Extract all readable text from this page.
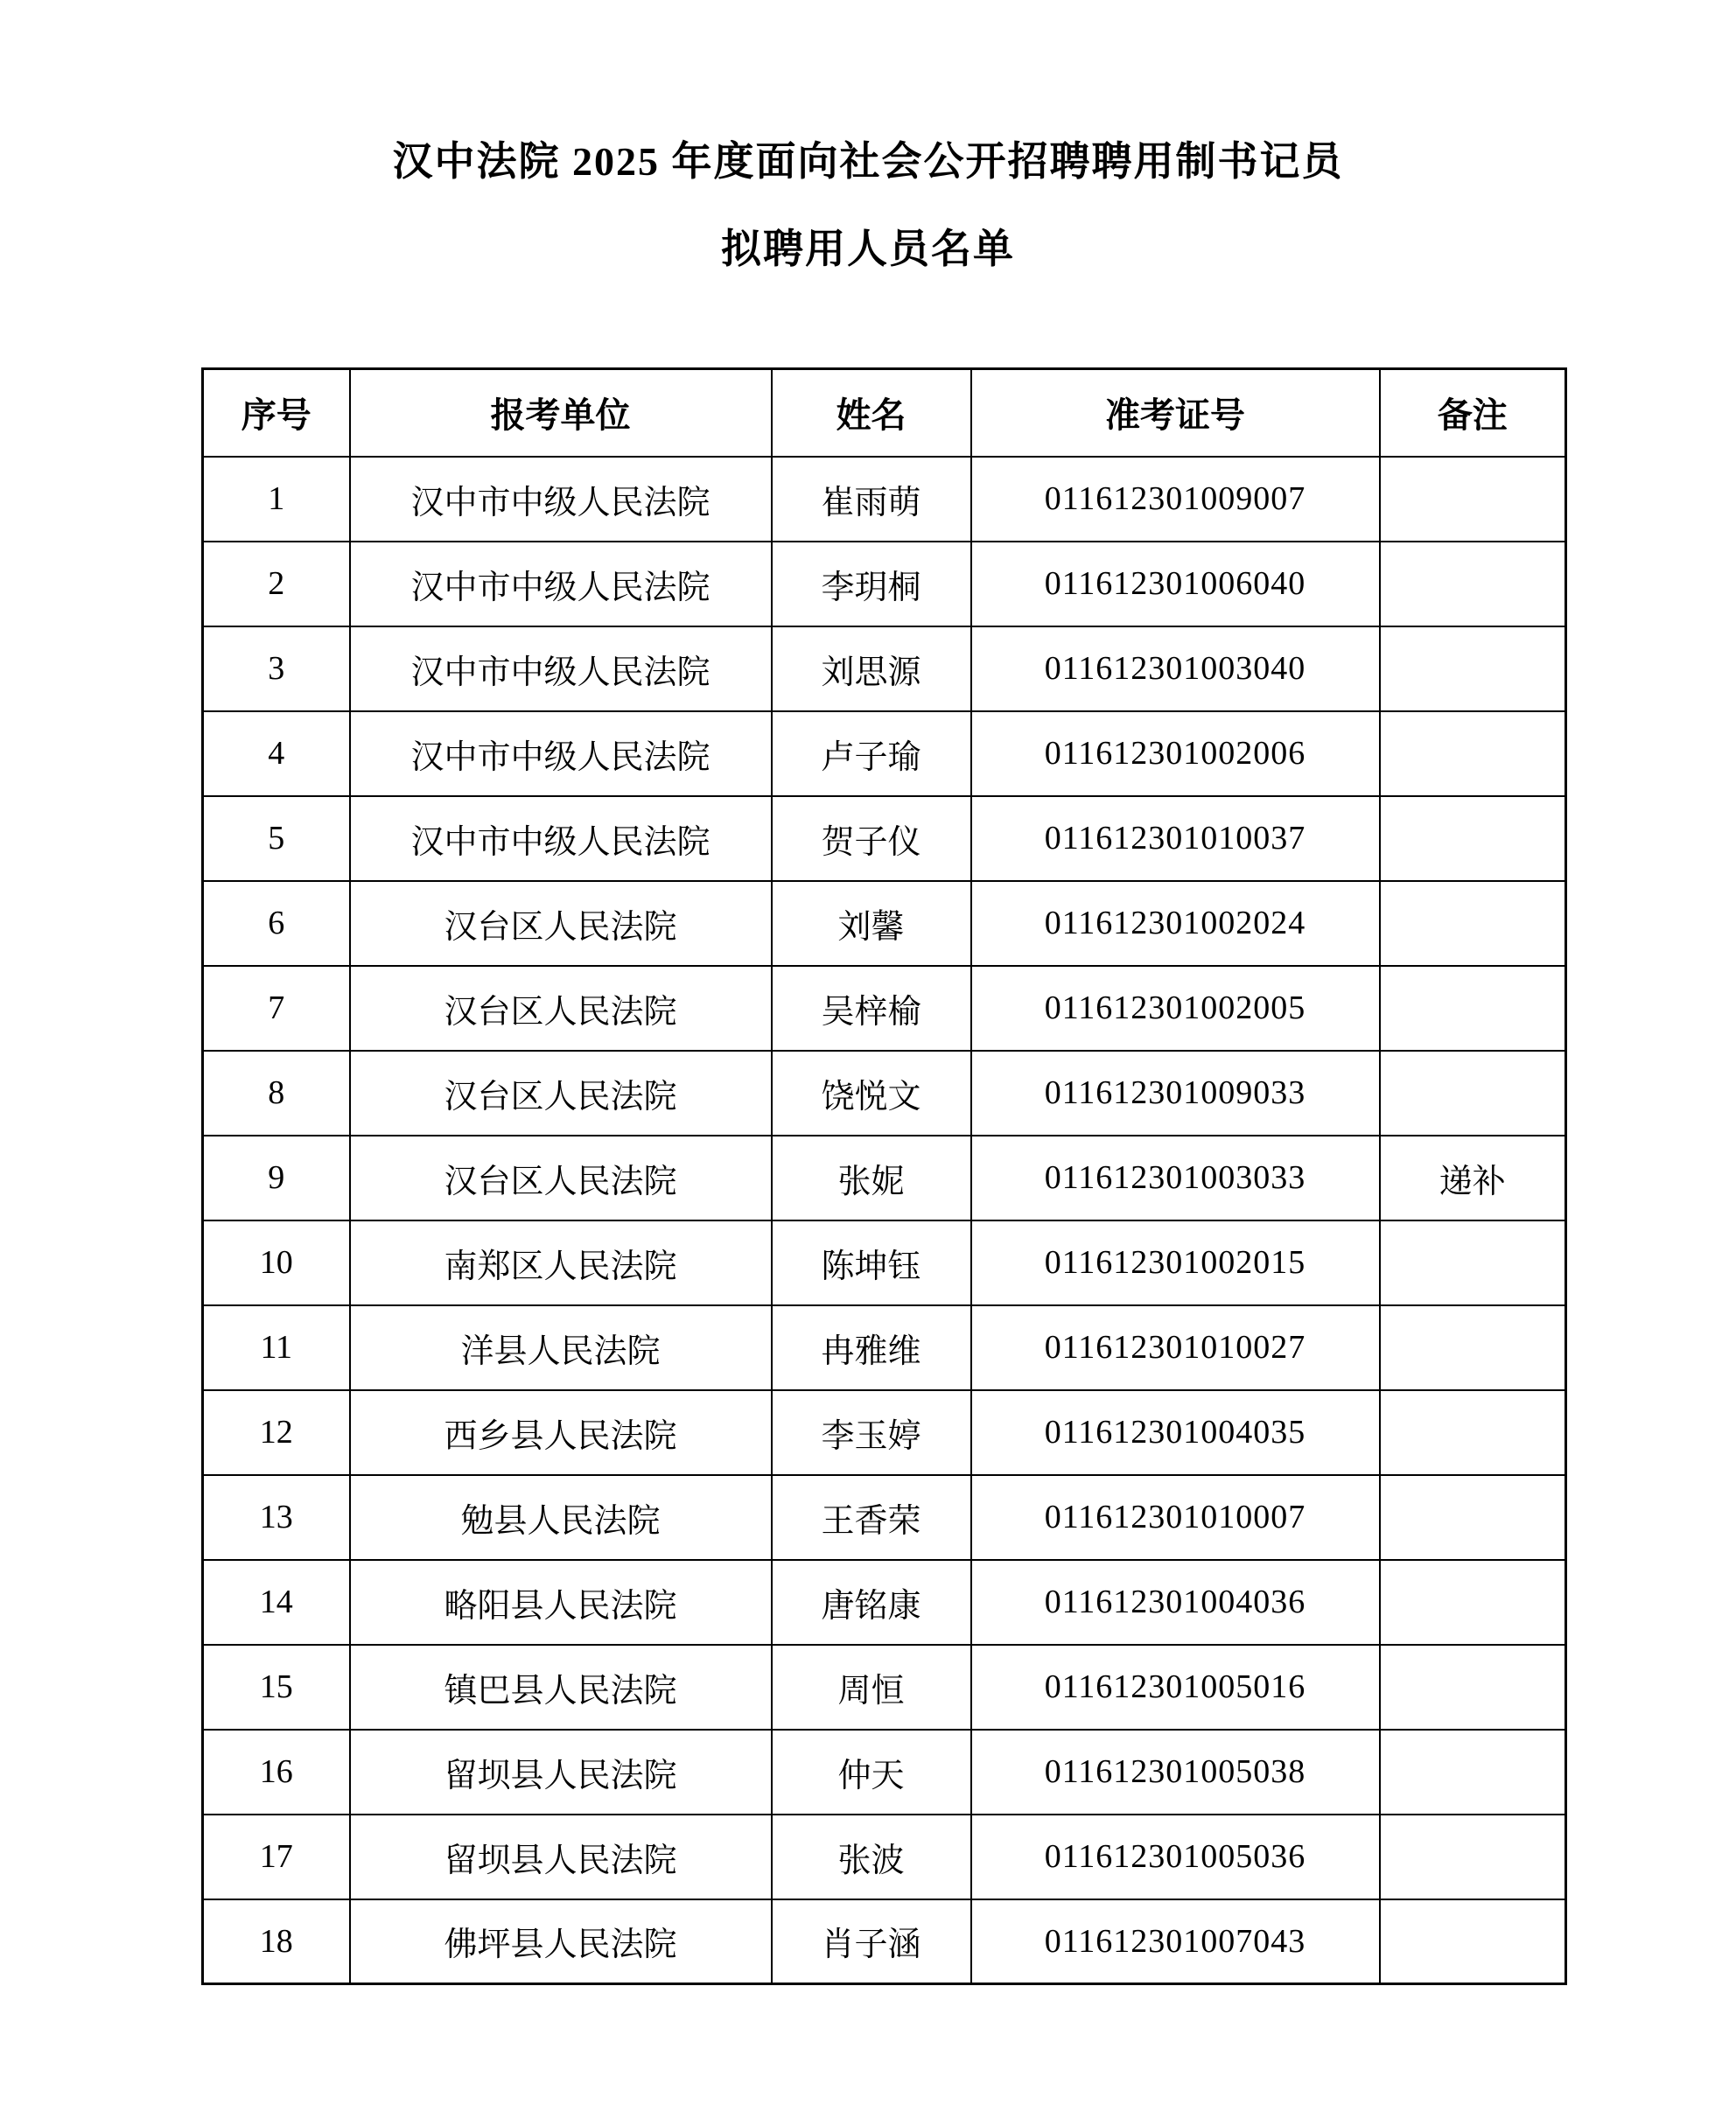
汉中法院 2025 年度面向社会公开招聘聘用制书记员
拟聘用人员名单
序号	报考单位	姓名	准考证号	备注
1	汉中市中级人民法院	崔雨萌	011612301009007	
2	汉中市中级人民法院	李玥桐	011612301006040	
3	汉中市中级人民法院	刘思源	011612301003040	
4	汉中市中级人民法院	卢子瑜	011612301002006	
5	汉中市中级人民法院	贺子仪	011612301010037	
6	汉台区人民法院	刘馨	011612301002024	
7	汉台区人民法院	吴梓榆	011612301002005	
8	汉台区人民法院	饶悦文	011612301009033	
9	汉台区人民法院	张妮	011612301003033	递补
10	南郑区人民法院	陈坤钰	011612301002015	
11	洋县人民法院	冉雅维	011612301010027	
12	西乡县人民法院	李玉婷	011612301004035	
13	勉县人民法院	王香荣	011612301010007	
14	略阳县人民法院	唐铭康	011612301004036	
15	镇巴县人民法院	周恒	011612301005016	
16	留坝县人民法院	仲天	011612301005038	
17	留坝县人民法院	张波	011612301005036	
18	佛坪县人民法院	肖子涵	011612301007043	
